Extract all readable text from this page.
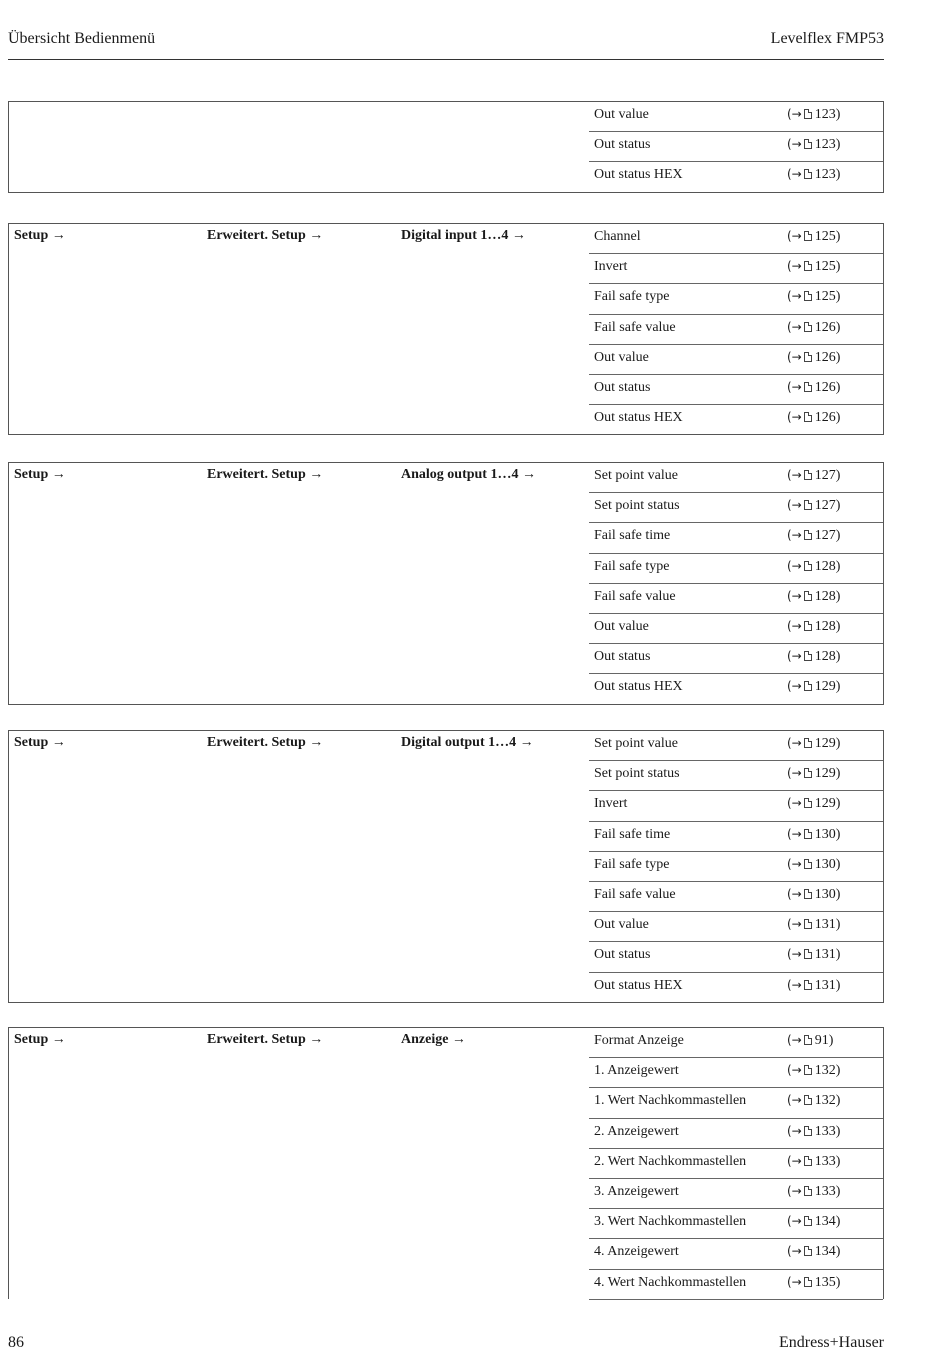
Übersicht Bedienmenü	Levelflex FMP53
Out value	(→ 123)
Out status	(→ 123)
Out status HEX	(→ 123)
Setup →	Erweitert. Setup →	Digital input 1…4 →	Channel	(→ 125)
Invert	(→ 125)
Fail safe type	(→ 125)
Fail safe value	(→ 126)
Out value	(→ 126)
Out status	(→ 126)
Out status HEX	(→ 126)
Setup →	Erweitert. Setup →	Analog output 1…4 →	Set point value	(→ 127)
Set point status	(→ 127)
Fail safe time	(→ 127)
Fail safe type	(→ 128)
Fail safe value	(→ 128)
Out value	(→ 128)
Out status	(→ 128)
Out status HEX	(→ 129)
Setup →	Erweitert. Setup →	Digital output 1…4 →	Set point value	(→ 129)
Set point status	(→ 129)
Invert	(→ 129)
Fail safe time	(→ 130)
Fail safe type	(→ 130)
Fail safe value	(→ 130)
Out value	(→ 131)
Out status	(→ 131)
Out status HEX	(→ 131)
Setup →	Erweitert. Setup →	Anzeige →	Format Anzeige	(→ 91)
1. Anzeigewert	(→ 132)
1. Wert Nachkommastellen	(→ 132)
2. Anzeigewert	(→ 133)
2. Wert Nachkommastellen	(→ 133)
3. Anzeigewert	(→ 133)
3. Wert Nachkommastellen	(→ 134)
4. Anzeigewert	(→ 134)
4. Wert Nachkommastellen	(→ 135)
86	Endress+Hauser
